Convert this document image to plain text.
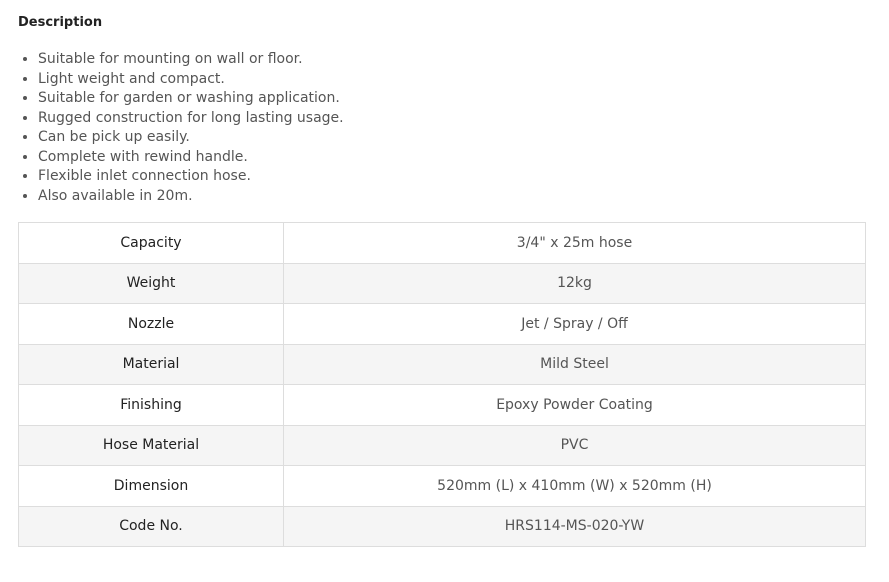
Description
• Suitable for mounting on wall or floor.
• Light weight and compact.
• Suitable for garden or washing application.
• Rugged construction for long lasting usage.
• Can be pick up easily.
• Complete with rewind handle.
• Flexible inlet connection hose.
• Also available in 20m.
Capacity	3/4" x 25m hose
Weight	12kg
Nozzle	Jet / Spray / Off
Material	Mild Steel
Finishing	Epoxy Powder Coating
Hose Material	PVC
Dimension	520mm (L) x 410mm (W) x 520mm (H)
Code No.	HRS114-MS-020-YW
